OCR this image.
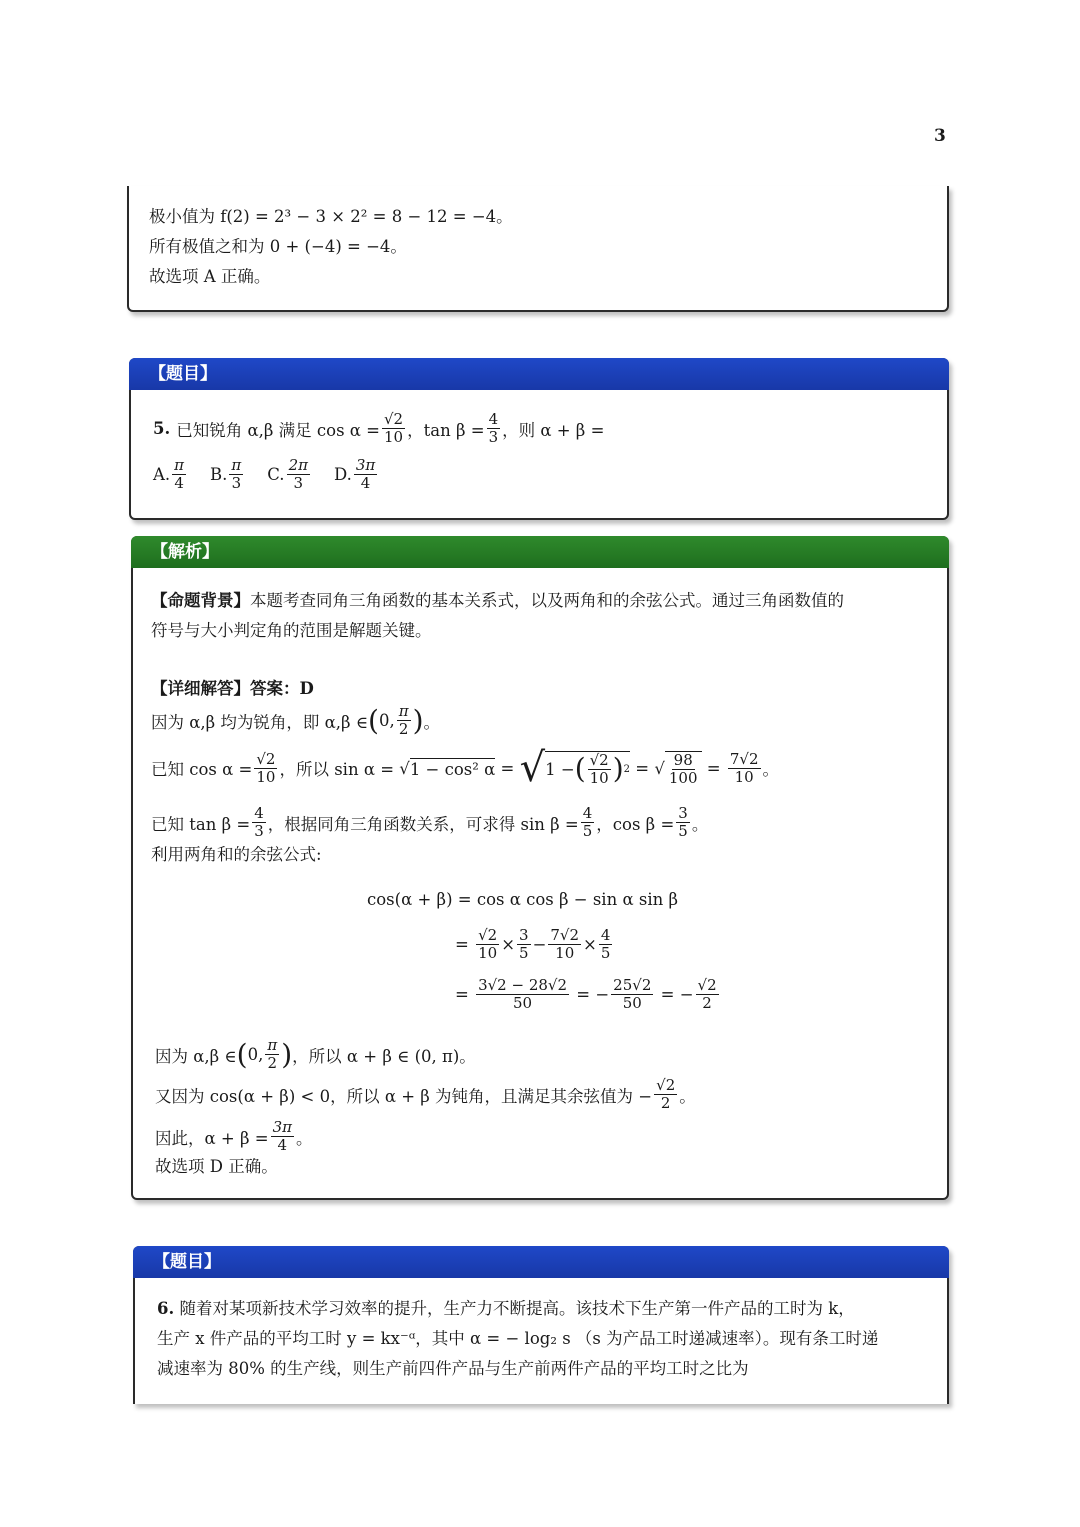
3
极小值为 f(2) = 2³ − 3 × 2² = 8 − 12 = −4。
所有极值之和为 0 + (−4) = −4。
故选项 A 正确。
【题目】
5. 已知锐角 α,β 满足 $\cos \alpha = \frac{√2}{10}$ ，$\tan \beta = \frac{4}{3}$ ，则 α + β =
A. $\frac{\pi}{4} B$. $\frac{\pi}{3} C$. $\frac{2\pi}{3} D$. $\frac{3\pi}{4}$
【解析】
【命题背景】本题考查同角三角函数的基本关系式，以及两角和的余弦公式。通过三角函数值的
符号与大小判定角的范围是解题关键。
【详细解答】答案：D
因为 α,β 均为锐角，即 α,β ∈ ( 0, $\frac{\pi}{2}$ ) 。
已知 $\cos \alpha = \frac{√2}{10}$ ，所以 sin α = √ 1 − cos² α = √ 1 − ( $\frac{√2}{10}$ ) 2 = √ $\frac{98}{100} = \frac{7√2}{10}$ 。
已知 $\tan \beta = \frac{4}{3}$ ，根据同角三角函数关系，可求得 $\sin \beta = \frac{4}{5}$ ，$\cos \beta = \frac{3}{5}$ 。
利用两角和的余弦公式:
cos(α + β) = cos α cos β − sin α sin β
= $\frac{√2}{10} \times \frac{3}{5} - \frac{7√2}{10} \times \frac{4}{5}$
= $\frac{3√2 - 28√2}{50}$ = − $\frac{25√2}{50}$ = − $\frac{√2}{2}$
因为 α,β ∈ ( 0, $\frac{\pi}{2}$ ) ，所以 α + β ∈ (0, π)。
又因为 cos(α + β) < 0，所以 α + β 为钝角，且满足其余弦值为 − $\frac{√2}{2}$ 。
因此，$\alpha + \beta = \frac{3\pi}{4}$ 。
故选项 D 正确。
【题目】
6. 随着对某项新技术学习效率的提升，生产力不断提高。该技术下生产第一件产品的工时为 k，
生产 x 件产品的平均工时 y = kx⁻ᵅ，其中 α = − log₂ s （s 为产品工时递减速率）。现有条工时递
减速率为 80% 的生产线，则生产前四件产品与生产前两件产品的平均工时之比为
